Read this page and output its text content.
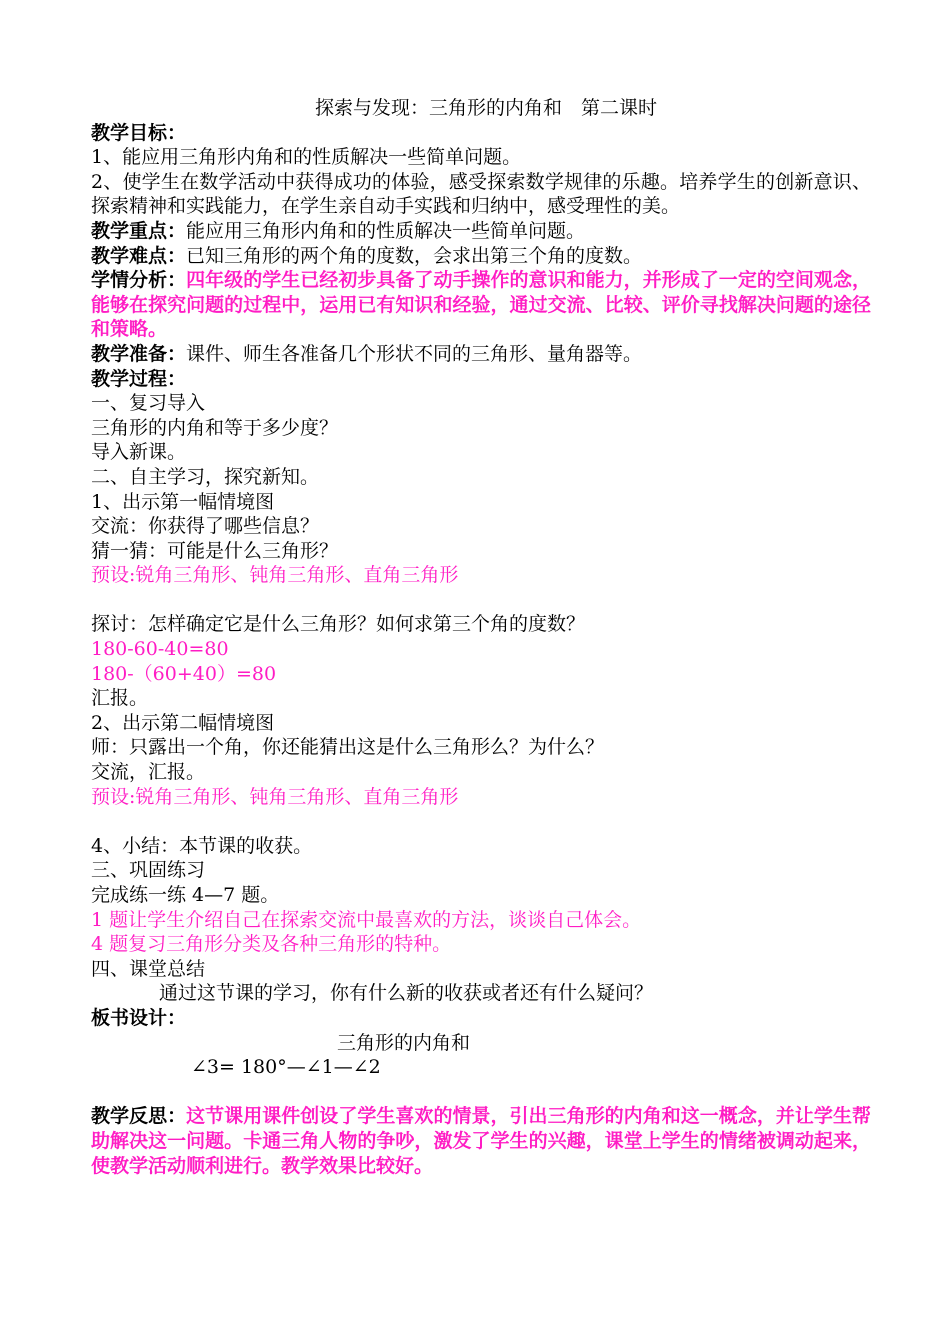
探索与发现：三角形的内角和　第二课时
教学目标：
1、能应用三角形内角和的性质解决一些简单问题。
2、使学生在数学活动中获得成功的体验，感受探索数学规律的乐趣。培养学生的创新意识、探索精神和实践能力，在学生亲自动手实践和归纳中，感受理性的美。
教学重点：能应用三角形内角和的性质解决一些简单问题。
教学难点：已知三角形的两个角的度数，会求出第三个角的度数。
学情分析：四年级的学生已经初步具备了动手操作的意识和能力，并形成了一定的空间观念，能够在探究问题的过程中，运用已有知识和经验，通过交流、比较、评价寻找解决问题的途径和策略。
教学准备：课件、师生各准备几个形状不同的三角形、量角器等。
教学过程：
一、复习导入
三角形的内角和等于多少度？
导入新课。
二、自主学习，探究新知。
1、出示第一幅情境图
交流：你获得了哪些信息？
猜一猜：可能是什么三角形？
预设:锐角三角形、钝角三角形、直角三角形
探讨：怎样确定它是什么三角形？如何求第三个角的度数？
180-60-40=80
180-（60+40）=80
汇报。
2、出示第二幅情境图
师：只露出一个角，你还能猜出这是什么三角形么？为什么？
交流，汇报。
预设:锐角三角形、钝角三角形、直角三角形
4、小结：本节课的收获。
三、巩固练习
完成练一练 4—7 题。
1 题让学生介绍自己在探索交流中最喜欢的方法，谈谈自己体会。
4 题复习三角形分类及各种三角形的特种。
四、课堂总结
通过这节课的学习，你有什么新的收获或者还有什么疑问？
板书设计：
三角形的内角和
∠3= 180°—∠1—∠2
教学反思：这节课用课件创设了学生喜欢的情景，引出三角形的内角和这一概念，并让学生帮助解决这一问题。卡通三角人物的争吵，激发了学生的兴趣，课堂上学生的情绪被调动起来，使教学活动顺利进行。教学效果比较好。
